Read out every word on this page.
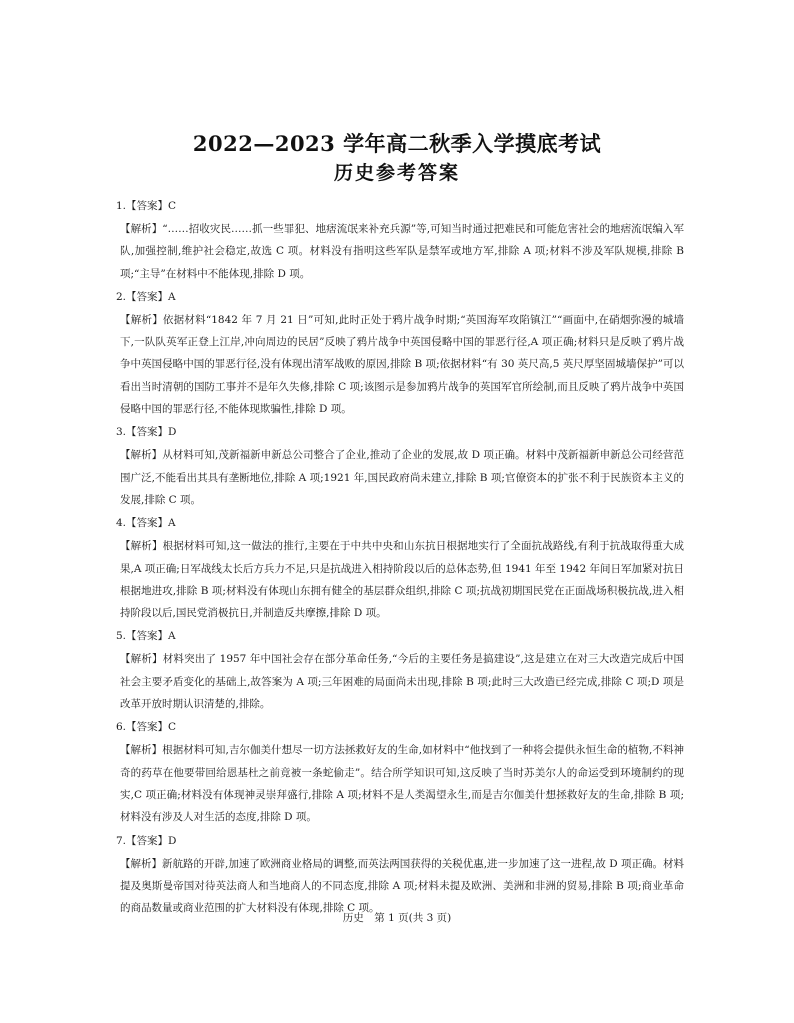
2022—2023 学年高二秋季入学摸底考试
历史参考答案

1.【答案】C

【解析】“……招收灾民……抓一些罪犯、地痞流氓来补充兵源”等,可知当时通过把难民和可能危害社会的地痞流氓编入军队,加强控制,维护社会稳定,故选 C 项。材料没有指明这些军队是禁军或地方军,排除 A 项;材料不涉及军队规模,排除 B 项;“主导”在材料中不能体现,排除 D 项。

2.【答案】A

【解析】依据材料“1842 年 7 月 21 日”可知,此时正处于鸦片战争时期;“英国海军攻陷镇江”“画面中,在硝烟弥漫的城墙下,一队队英军正登上江岸,冲向周边的民居”反映了鸦片战争中英国侵略中国的罪恶行径,A 项正确;材料只是反映了鸦片战争中英国侵略中国的罪恶行径,没有体现出清军战败的原因,排除 B 项;依据材料“有 30 英尺高,5 英尺厚坚固城墙保护”可以看出当时清朝的国防工事并不是年久失修,排除 C 项;该图示是参加鸦片战争的英国军官所绘制,而且反映了鸦片战争中英国侵略中国的罪恶行径,不能体现欺骗性,排除 D 项。

3.【答案】D

【解析】从材料可知,茂新福新申新总公司整合了企业,推动了企业的发展,故 D 项正确。材料中茂新福新申新总公司经营范围广泛,不能看出其具有垄断地位,排除 A 项;1921 年,国民政府尚未建立,排除 B 项;官僚资本的扩张不利于民族资本主义的发展,排除 C 项。

4.【答案】A

【解析】根据材料可知,这一做法的推行,主要在于中共中央和山东抗日根据地实行了全面抗战路线,有利于抗战取得重大成果,A 项正确;日军战线太长后方兵力不足,只是抗战进入相持阶段以后的总体态势,但 1941 年至 1942 年间日军加紧对抗日根据地进攻,排除 B 项;材料没有体现山东拥有健全的基层群众组织,排除 C 项;抗战初期国民党在正面战场积极抗战,进入相持阶段以后,国民党消极抗日,并制造反共摩擦,排除 D 项。

5.【答案】A

【解析】材料突出了 1957 年中国社会存在部分革命任务,“今后的主要任务是搞建设”,这是建立在对三大改造完成后中国社会主要矛盾变化的基础上,故答案为 A 项;三年困难的局面尚未出现,排除 B 项;此时三大改造已经完成,排除 C 项;D 项是改革开放时期认识清楚的,排除。

6.【答案】C

【解析】根据材料可知,吉尔伽美什想尽一切方法拯救好友的生命,如材料中“他找到了一种将会提供永恒生命的植物,不料神奇的药草在他要带回给恩基杜之前竟被一条蛇偷走”。结合所学知识可知,这反映了当时苏美尔人的命运受到环境制约的现实,C 项正确;材料没有体现神灵崇拜盛行,排除 A 项;材料不是人类渴望永生,而是吉尔伽美什想拯救好友的生命,排除 B 项;材料没有涉及人对生活的态度,排除 D 项。

7.【答案】D

【解析】新航路的开辟,加速了欧洲商业格局的调整,而英法两国获得的关税优惠,进一步加速了这一进程,故 D 项正确。材料提及奥斯曼帝国对待英法商人和当地商人的不同态度,排除 A 项;材料未提及欧洲、美洲和非洲的贸易,排除 B 项;商业革命的商品数量或商业范围的扩大材料没有体现,排除 C 项。

历史　第 1 页(共 3 页)
